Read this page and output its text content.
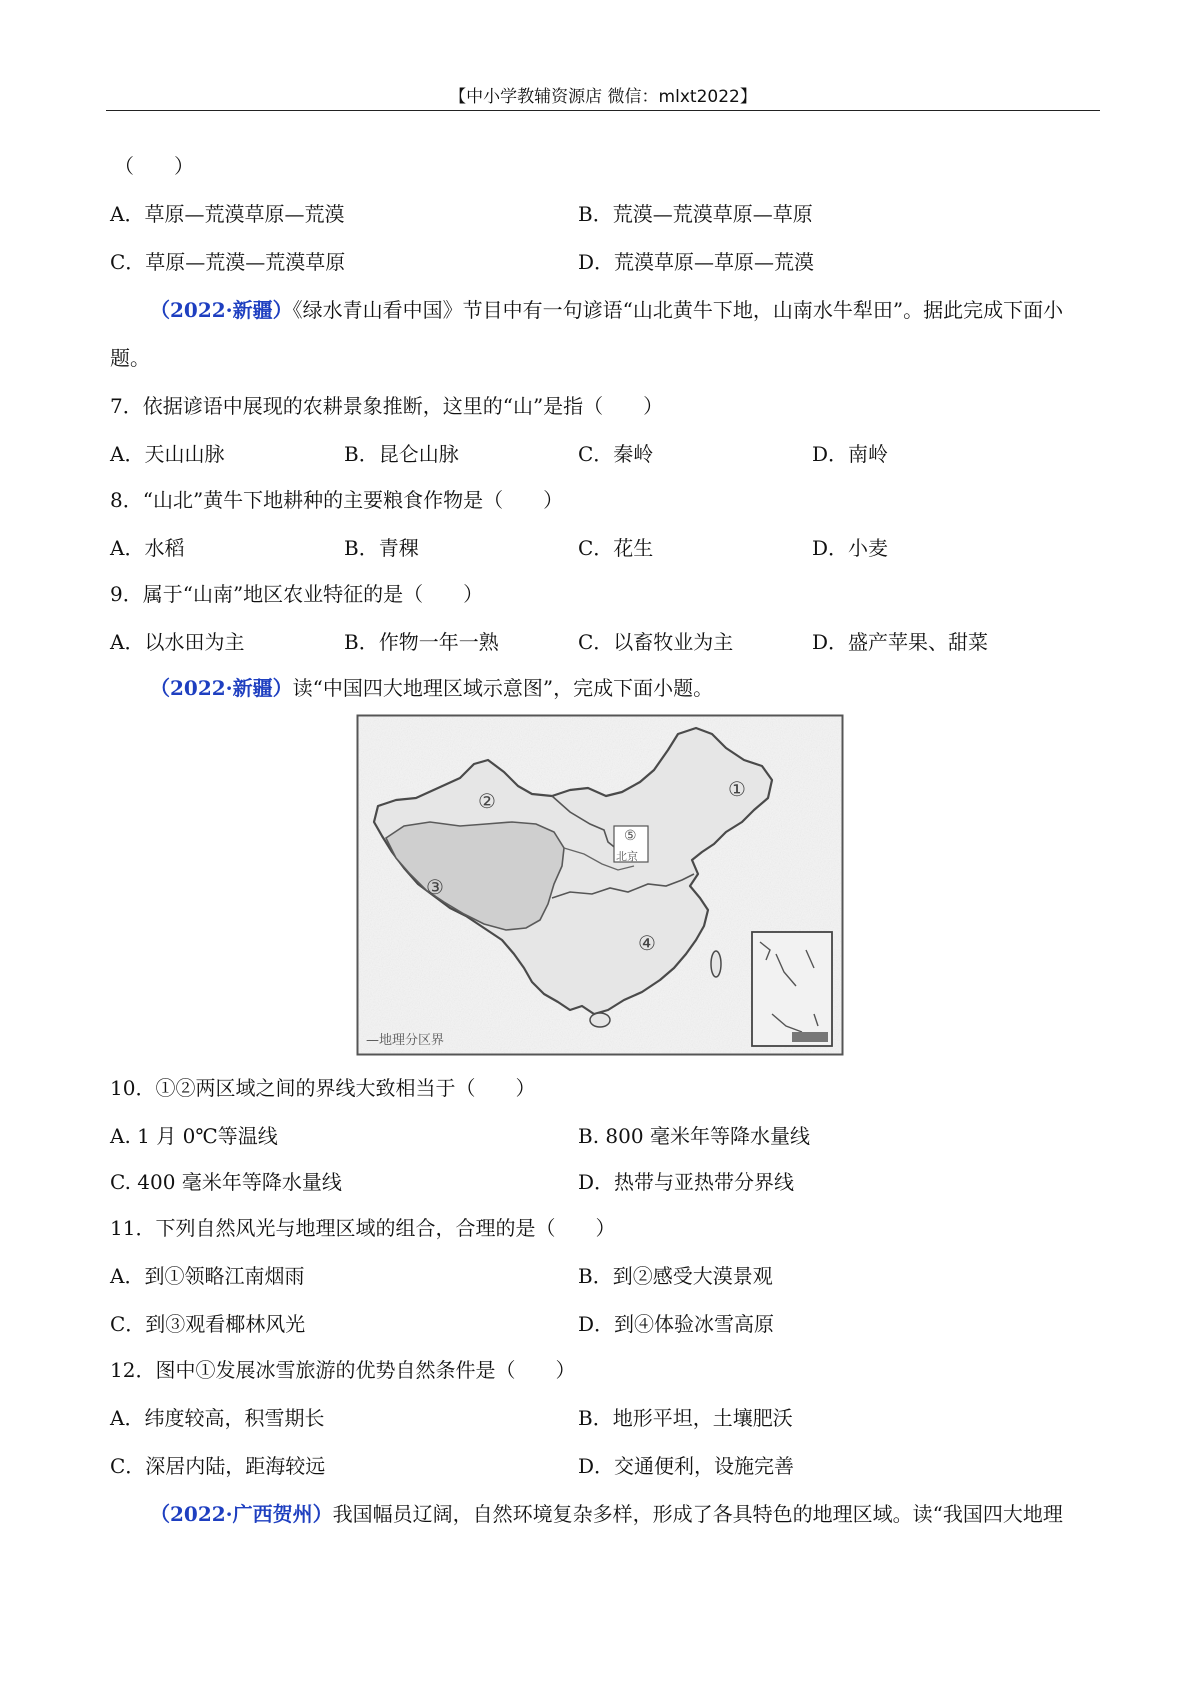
【中小学教辅资源店 微信：mlxt2022】
（　　）
A．草原—荒漠草原—荒漠	B．荒漠—荒漠草原—草原
C．草原—荒漠—荒漠草原	D．荒漠草原—草原—荒漠
（2022·新疆）《绿水青山看中国》节目中有一句谚语“山北黄牛下地，山南水牛犁田”。据此完成下面小
题。
7．依据谚语中展现的农耕景象推断，这里的“山”是指（　　）
A．天山山脉	B．昆仑山脉	C．秦岭	D．南岭
8．“山北”黄牛下地耕种的主要粮食作物是（　　）
A．水稻	B．青稞	C．花生	D．小麦
9．属于“山南”地区农业特征的是（　　）
A．以水田为主	B．作物一年一熟	C．以畜牧业为主	D．盛产苹果、甜菜
（2022·新疆）读“中国四大地理区域示意图”，完成下面小题。
①
②
③
④
⑤
北京
—地理分区界
10．①②两区域之间的界线大致相当于（　　）
A. 1 月 0℃等温线	B. 800 毫米年等降水量线
C. 400 毫米年等降水量线	D．热带与亚热带分界线
11．下列自然风光与地理区域的组合，合理的是（　　）
A．到①领略江南烟雨	B．到②感受大漠景观
C．到③观看椰林风光	D．到④体验冰雪高原
12．图中①发展冰雪旅游的优势自然条件是（　　）
A．纬度较高，积雪期长	B．地形平坦，土壤肥沃
C．深居内陆，距海较远	D．交通便利，设施完善
（2022·广西贺州）我国幅员辽阔，自然环境复杂多样，形成了各具特色的地理区域。读“我国四大地理
